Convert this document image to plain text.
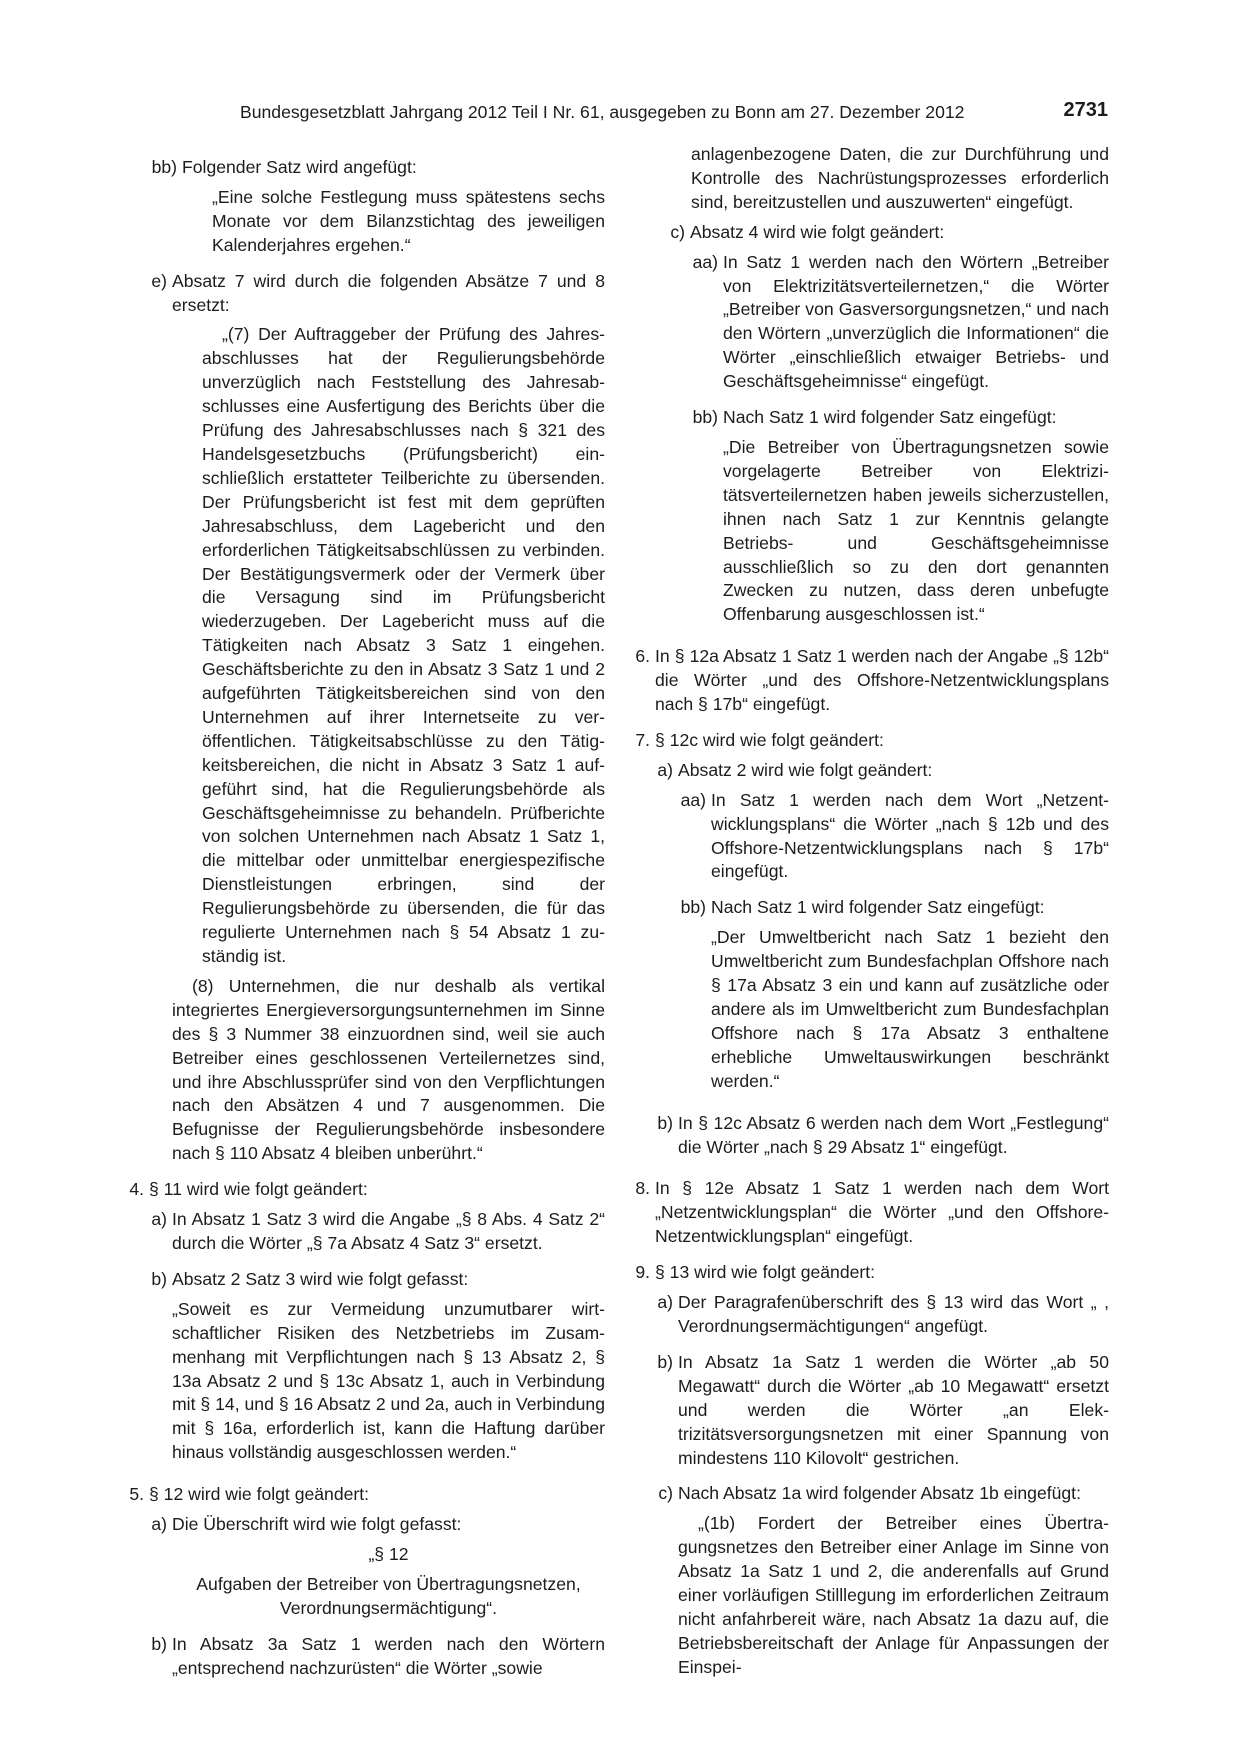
Bundesgesetzblatt Jahrgang 2012 Teil I Nr. 61, ausgegeben zu Bonn am 27. Dezember 2012	2731
bb) Folgender Satz wird angefügt:

„Eine solche Festlegung muss spätestens sechs Monate vor dem Bilanzstichtag des jeweiligen Kalenderjahres ergehen.“

e) Absatz 7 wird durch die folgenden Absätze 7 und 8 ersetzt:

„(7) Der Auftraggeber der Prüfung des Jahresabschlusses hat der Regulierungsbehörde unverzüglich nach Feststellung des Jahresabschlusses eine Ausfertigung des Berichts über die Prüfung des Jahresabschlusses nach § 321 des Handelsgesetzbuchs (Prüfungsbericht) einschließlich erstatteter Teilberichte zu übersenden. Der Prüfungsbericht ist fest mit dem geprüften Jahresabschluss, dem Lagebericht und den erforderlichen Tätigkeitsabschlüssen zu verbinden. Der Bestätigungsvermerk oder der Vermerk über die Versagung sind im Prüfungsbericht wiederzugeben. Der Lagebericht muss auf die Tätigkeiten nach Absatz 3 Satz 1 eingehen. Geschäftsberichte zu den in Absatz 3 Satz 1 und 2 aufgeführten Tätigkeitsbereichen sind von den Unternehmen auf ihrer Internetseite zu veröffentlichen. Tätigkeitsabschlüsse zu den Tätigkeitsbereichen, die nicht in Absatz 3 Satz 1 aufgeführt sind, hat die Regulierungsbehörde als Geschäftsgeheimnisse zu behandeln. Prüfberichte von solchen Unternehmen nach Absatz 1 Satz 1, die mittelbar oder unmittelbar energiespezifische Dienstleistungen erbringen, sind der Regulierungsbehörde zu übersenden, die für das regulierte Unternehmen nach § 54 Absatz 1 zuständig ist.

(8) Unternehmen, die nur deshalb als vertikal integriertes Energieversorgungsunternehmen im Sinne des § 3 Nummer 38 einzuordnen sind, weil sie auch Betreiber eines geschlossenen Verteilernetzes sind, und ihre Abschlussprüfer sind von den Verpflichtungen nach den Absätzen 4 und 7 ausgenommen. Die Befugnisse der Regulierungsbehörde insbesondere nach § 110 Absatz 4 bleiben unberührt.“

4. § 11 wird wie folgt geändert:

a) In Absatz 1 Satz 3 wird die Angabe „§ 8 Abs. 4 Satz 2“ durch die Wörter „§ 7a Absatz 4 Satz 3“ ersetzt.

b) Absatz 2 Satz 3 wird wie folgt gefasst:

„Soweit es zur Vermeidung unzumutbarer wirtschaftlicher Risiken des Netzbetriebs im Zusammenhang mit Verpflichtungen nach § 13 Absatz 2, § 13a Absatz 2 und § 13c Absatz 1, auch in Verbindung mit § 14, und § 16 Absatz 2 und 2a, auch in Verbindung mit § 16a, erforderlich ist, kann die Haftung darüber hinaus vollständig ausgeschlossen werden.“

5. § 12 wird wie folgt geändert:

a) Die Überschrift wird wie folgt gefasst:

„§ 12

Aufgaben der Betreiber von Übertragungsnetzen, Verordnungsermächtigung“.

b) In Absatz 3a Satz 1 werden nach den Wörtern „entsprechend nachzurüsten“ die Wörter „sowie

anlagenbezogene Daten, die zur Durchführung und Kontrolle des Nachrüstungsprozesses erforderlich sind, bereitzustellen und auszuwerten“ eingefügt.

c) Absatz 4 wird wie folgt geändert:

aa) In Satz 1 werden nach den Wörtern „Betreiber von Elektrizitätsverteilernetzen,“ die Wörter „Betreiber von Gasversorgungsnetzen,“ und nach den Wörtern „unverzüglich die Informationen“ die Wörter „einschließlich etwaiger Betriebs- und Geschäftsgeheimnisse“ eingefügt.

bb) Nach Satz 1 wird folgender Satz eingefügt:

„Die Betreiber von Übertragungsnetzen sowie vorgelagerte Betreiber von Elektrizitätsverteilernetzen haben jeweils sicherzustellen, ihnen nach Satz 1 zur Kenntnis gelangte Betriebs- und Geschäftsgeheimnisse ausschließlich so zu den dort genannten Zwecken zu nutzen, dass deren unbefugte Offenbarung ausgeschlossen ist.“

6. In § 12a Absatz 1 Satz 1 werden nach der Angabe „§ 12b“ die Wörter „und des Offshore-Netzentwicklungsplans nach § 17b“ eingefügt.

7. § 12c wird wie folgt geändert:

a) Absatz 2 wird wie folgt geändert:

aa) In Satz 1 werden nach dem Wort „Netzentwicklungsplans“ die Wörter „nach § 12b und des Offshore-Netzentwicklungsplans nach § 17b“ eingefügt.

bb) Nach Satz 1 wird folgender Satz eingefügt:

„Der Umweltbericht nach Satz 1 bezieht den Umweltbericht zum Bundesfachplan Offshore nach § 17a Absatz 3 ein und kann auf zusätzliche oder andere als im Umweltbericht zum Bundesfachplan Offshore nach § 17a Absatz 3 enthaltene erhebliche Umweltauswirkungen beschränkt werden.“

b) In § 12c Absatz 6 werden nach dem Wort „Festlegung“ die Wörter „nach § 29 Absatz 1“ eingefügt.

8. In § 12e Absatz 1 Satz 1 werden nach dem Wort „Netzentwicklungsplan“ die Wörter „und den Offshore-Netzentwicklungsplan“ eingefügt.

9. § 13 wird wie folgt geändert:

a) Der Paragrafenüberschrift des § 13 wird das Wort „ , Verordnungsermächtigungen“ angefügt.

b) In Absatz 1a Satz 1 werden die Wörter „ab 50 Megawatt“ durch die Wörter „ab 10 Megawatt“ ersetzt und werden die Wörter „an Elektrizitätsversorgungsnetzen mit einer Spannung von mindestens 110 Kilovolt“ gestrichen.

c) Nach Absatz 1a wird folgender Absatz 1b eingefügt:

„(1b) Fordert der Betreiber eines Übertragungsnetzes den Betreiber einer Anlage im Sinne von Absatz 1a Satz 1 und 2, die anderenfalls auf Grund einer vorläufigen Stilllegung im erforderlichen Zeitraum nicht anfahrbereit wäre, nach Absatz 1a dazu auf, die Betriebsbereitschaft der Anlage für Anpassungen der Einspei-
